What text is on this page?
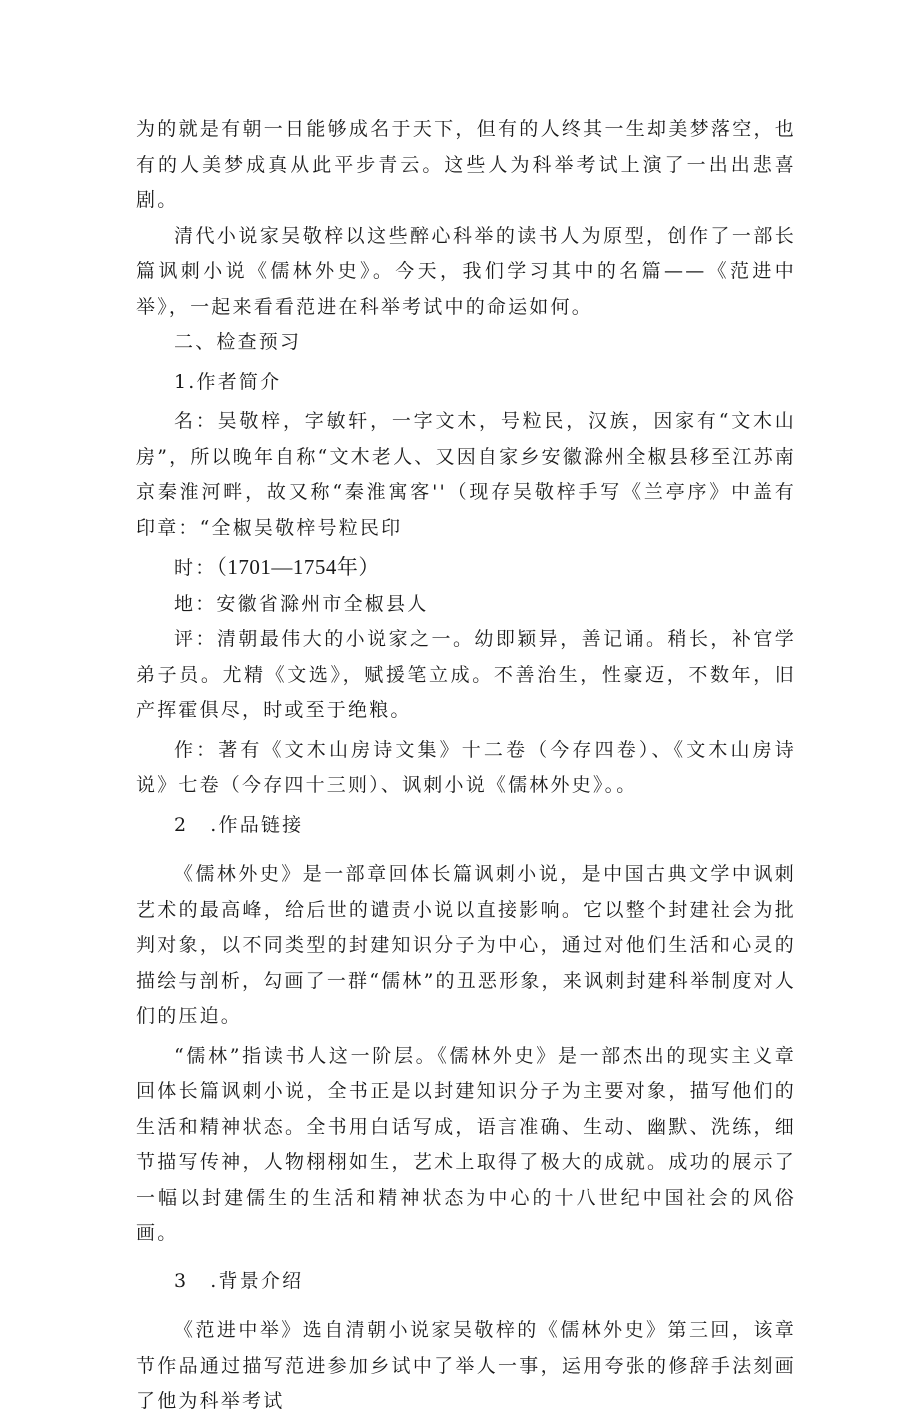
为的就是有朝一日能够成名于天下，但有的人终其一生却美梦落空，也有的人美梦成真从此平步青云。这些人为科举考试上演了一出出悲喜剧。

清代小说家吴敬梓以这些醉心科举的读书人为原型，创作了一部长篇讽刺小说《儒林外史》。今天，我们学习其中的名篇——《范进中举》，一起来看看范进在科举考试中的命运如何。

二、检查预习

1.作者简介

名：吴敬梓，字敏轩，一字文木，号粒民，汉族，因家有“文木山房”，所以晚年自称“文木老人、又因自家乡安徽滁州全椒县移至江苏南京秦淮河畔，故又称“秦淮寓客''（现存吴敬梓手写《兰亭序》中盖有印章：“全椒吴敬梓号粒民印

时：（1701—1754年）

地：安徽省滁州市全椒县人

评：清朝最伟大的小说家之一。幼即颖异，善记诵。稍长，补官学弟子员。尤精《文选》，赋援笔立成。不善治生，性豪迈，不数年，旧产挥霍俱尽，时或至于绝粮。

作：著有《文木山房诗文集》十二卷（今存四卷）、《文木山房诗说》七卷（今存四十三则）、讽刺小说《儒林外史》。。

2 .作品链接

《儒林外史》是一部章回体长篇讽刺小说，是中国古典文学中讽刺艺术的最高峰，给后世的谴责小说以直接影响。它以整个封建社会为批判对象，以不同类型的封建知识分子为中心，通过对他们生活和心灵的描绘与剖析，勾画了一群“儒林”的丑恶形象，来讽刺封建科举制度对人们的压迫。

“儒林”指读书人这一阶层。《儒林外史》是一部杰出的现实主义章回体长篇讽刺小说，全书正是以封建知识分子为主要对象，描写他们的生活和精神状态。全书用白话写成，语言准确、生动、幽默、洗练，细节描写传神，人物栩栩如生，艺术上取得了极大的成就。成功的展示了一幅以封建儒生的生活和精神状态为中心的十八世纪中国社会的风俗画。

3 .背景介绍

《范进中举》选自清朝小说家吴敬梓的《儒林外史》第三回，该章节作品通过描写范进参加乡试中了举人一事，运用夸张的修辞手法刻画了他为科举考试
